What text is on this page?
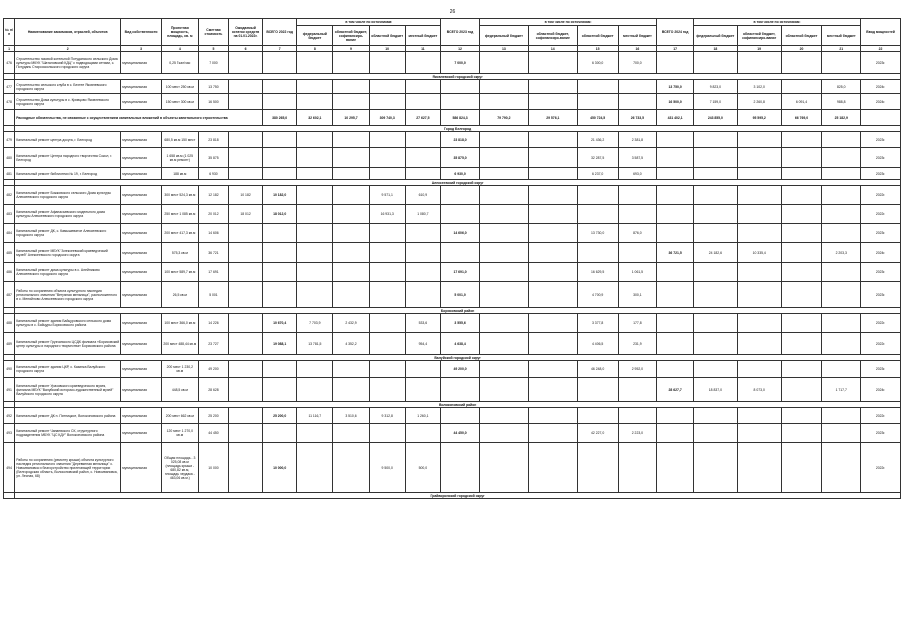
26
№ п/п	Наименование заказчиков, отраслей, объектов	Вид собственности	Проектная мощность, площадь, кв. м	Сметная стоимость	Ожидаемый остаток средств на 01.01.2022г.	ВСЕГО 2022 год	в том числе по источникам:				ВСЕГО 2023 год	в том числе по источникам:				ВСЕГО 2024 год	в том числе по источникам:				Ввод мощностей
							федеральный бюджет	областной бюджет, софинансиро-вание	областной бюджет	местный бюджет		федеральный бюджет	областной бюджет, софинансиро-вание	областной бюджет	местный бюджет		федеральный бюджет	областной бюджет, софинансиро-вание	областной бюджет	местный бюджет	
1	2	3	4	5	6	7	8	9	10	11	12	13	14	15	16	17	18	19	20	21	22
476	Строительство газовой котельной Потуданского сельского Дома культуры МКУК "Шаталовский КДЦ" с подводящими сетями, с. Потудань Старооскольского городского округа	муниципальная	0,25 Гкал/час	7 000							7 000,0			6 300,0	700,0						2023г.
	Яковлевский городской округ																				
477	Строительство сельского клуба в с. Бехтее Яковлевского городского округа	муниципальная	100 мест 250 кв.м	13 750												13 750,0	9 823,0	3 102,0		825,0	2024г.
478	Строительство Дома культуры в с. Кривцово Яковлевского городского округа	муниципальная	150 мест 300 кв.м	16 500												16 500,0	7 159,0	2 260,8	6 091,4	988,8	2024г.
	Расходные обязательства, не связанные с осуществлением капитальных вложений в объекты капитального строительства					380 265,0	32 602,1	10 295,7	309 740,3	27 627,5	586 824,3	79 790,2	29 576,1	450 724,5	26 733,5	431 402,1	243 855,0	95 595,2	66 769,0	25 182,9	
	Город Белгород																				
479	Капитальный ремонт центра досуга, г. Белгород	муниципальная	680,5 кв.м 150 мест	23 818							23 818,0			21 436,2	2 381,8						2023г.
480	Капитальный ремонт Центра народного творчества Сокол, г. Белгород	муниципальная	1 658 кв.м (1 025 кв.м ремонт)	35 875							35 875,0			32 287,5	3 587,5						2023г.
481	Капитальный ремонт библиотеки № 19, г. Белгород	муниципальная	188 кв.м	6 930							6 930,0			6 237,0	693,0						2023г.
	Алексеевский городской округ																				
482	Капитальный ремонт Божковского сельского Дома культуры Алексеевского городского округа	муниципальная	300 мест 524,3 кв.м	12 182	10 182	10 182,0			9 571,1	610,9											2022г.
483	Капитальный ремонт Афанасьевского модельного дома культуры Алексеевского городского округа	муниципальная	250 мест 1 085 кв.м	20 012	18 012	18 012,0			16 931,3	1 080,7											2022г.
484	Капитальный ремонт ДК, с. Камышеватое Алексеевского городского округа	муниципальная	200 мест 417,3 кв.м	14 606							14 606,0			13 730,0	876,0						2023г.
485	Капитальный ремонт МБУК "Алексеевский краеведческий музей" Алексеевского городского округа	муниципальная	575,3 кв.м	36 721												36 721,5	24 182,6	10 335,4		2 203,3	2024г.
486	Капитальный ремонт дома культуры в с. Алейниково Алексеевского городского округа	муниципальная	100 мест 589,7 кв.м	17 691							17 691,0			16 629,5	1 061,5						2023г.
487	Работы по сохранению объекта культурного наследия регионального значения "Ветряная мельница", расположенного в с. Меняйлово Алексеевского городского округа	муниципальная	26,5 кв.м	5 001							5 001,0			4 700,9	300,1						2023г.
	Борисовский район																				
488	Капитальный ремонт здания Байцуровского сельского дома культуры в с. Байцуры Борисовского района	муниципальная	100 мест 366,0 кв.м	14 226		10 670,4	7 703,9	2 432,9		533,6	3 555,6			3 377,8	177,8						2022г.
489	Капитальный ремонт Грузчанского ЦСДК филиала «Борисовский центр культуры и народного творчества» Борисовского района	муниципальная	200 мест 488,44 кв.м	23 727		19 088,1	13 781,5	4 352,2		954,4	4 638,4			4 406,5	231,9						2022г.
	Валуйский городской округ																				
490	Капитальный ремонт здания ЦКР, с. Казинка Валуйского городского округа	муниципальная	200 мест 1 230,2 кв.м	49 200							49 200,0			46 248,0	2 952,0						2023г.
491	Капитальный ремонт Уразовского краеведческого музея, филиала МБУК "Валуйский историко-художественный музей" Валуйского городского округа	муниципальная	448,5 кв.м	28 628												28 627,7	18 837,0	8 073,0		1 717,7	2024г.
	Волоконовский район																				
492	Капитальный ремонт ДК п. Пятницкое, Волоконовского района	муниципальная	200 мест 662 кв.м	25 200		25 200,0	11 116,7	3 510,6	9 312,8	1 260,1											2022г.
493	Капитальный ремонт Чапаевского СК, структурного подразделения МБУК "ЦС КДУ" Волоконовского района	муниципальная	120 мест 1 270,0 кв.м	44 450							44 450,0			42 227,0	2 223,0						2023г.
494	Работы по сохранению (ремонту крыши) объекта культурного наследия регионального значения "Деревянная мельница" с. Новоивановка и благоустройство прилегающей территории (Белгородская область, Волоконовский район, с. Новоивановка, ул. Лесная, 68)	муниципальная	Общая площадь - 3 025,08 кв.м (площадь крыши - 680,82 кв.м, площадь чердака - 463,06 кв.м.)	10 000		10 000,0			9 500,0	500,0											2022г.
	Грайворонский городской округ																				
